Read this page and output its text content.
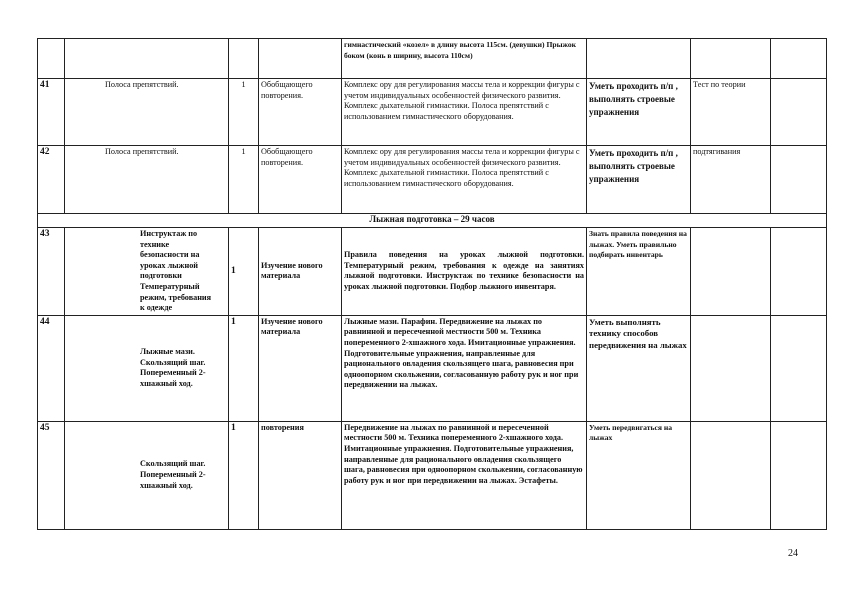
				гимнастический «козел» в длину высота 115см. (девушки) Прыжок боком (конь в ширину, высота 110см)			
41	Полоса препятствий.	1	Обобщающего повторения.	Комплекс ору для регулирования массы тела и коррекции фигуры с учетом индивидуальных особенностей физического развития. Комплекс дыхательной гимнастики. Полоса препятствий с использованием гимнастического оборудования.	Уметь проходить п/п , выполнять строевые упражнения	Тест по теории	
42	Полоса препятствий.	1	Обобщающего повторения.	Комплекс ору для регулирования массы тела и коррекции фигуры с учетом индивидуальных особенностей физического развития. Комплекс дыхательной гимнастики. Полоса препятствий с использованием гимнастического оборудования.	Уметь проходить п/п , выполнять строевые упражнения	подтягивания	
Лыжная подготовка – 29 часов							
43	Инструктаж по технике безопасности на уроках лыжной подготовки Температурный режим, требования к одежде	1	Изучение нового материала	Правила поведения на уроках лыжной подготовки. Температурный режим, требования к одежде на занятиях лыжной подготовки. Инструктаж по технике безопасности на уроках лыжной подготовки. Подбор лыжного инвентаря.	Знать правила поведения на лыжах. Уметь правильно подбирать инвентарь		
44	Лыжные мази. Скользящий шаг. Попеременный 2-хшажный ход.	1	Изучение нового материала	Лыжные мази. Парафин. Передвижение на лыжах по равнинной и пересеченной местности 500 м. Техника попеременного 2-хшажного хода. Имитационные упражнения. Подготовительные упражнения, направленные для рационального овладения скользящего шага, равновесия при одноопорном скольжении, согласованную работу рук и ног при передвижении на лыжах.	Уметь выполнять технику способов передвижения на лыжах		
45	Скользящий шаг. Попеременный 2-хшажный ход.	1	повторения	Передвижение на лыжах по равнинной и пересеченной местности 500 м. Техника попеременного 2-хшажного хода. Имитационные упражнения. Подготовительные упражнения, направленные для рационального овладения скользящего шага, равновесия при одноопорном скольжении, согласованную работу рук и ног при передвижении на лыжах. Эстафеты.	Уметь передвигаться на лыжах		
24
